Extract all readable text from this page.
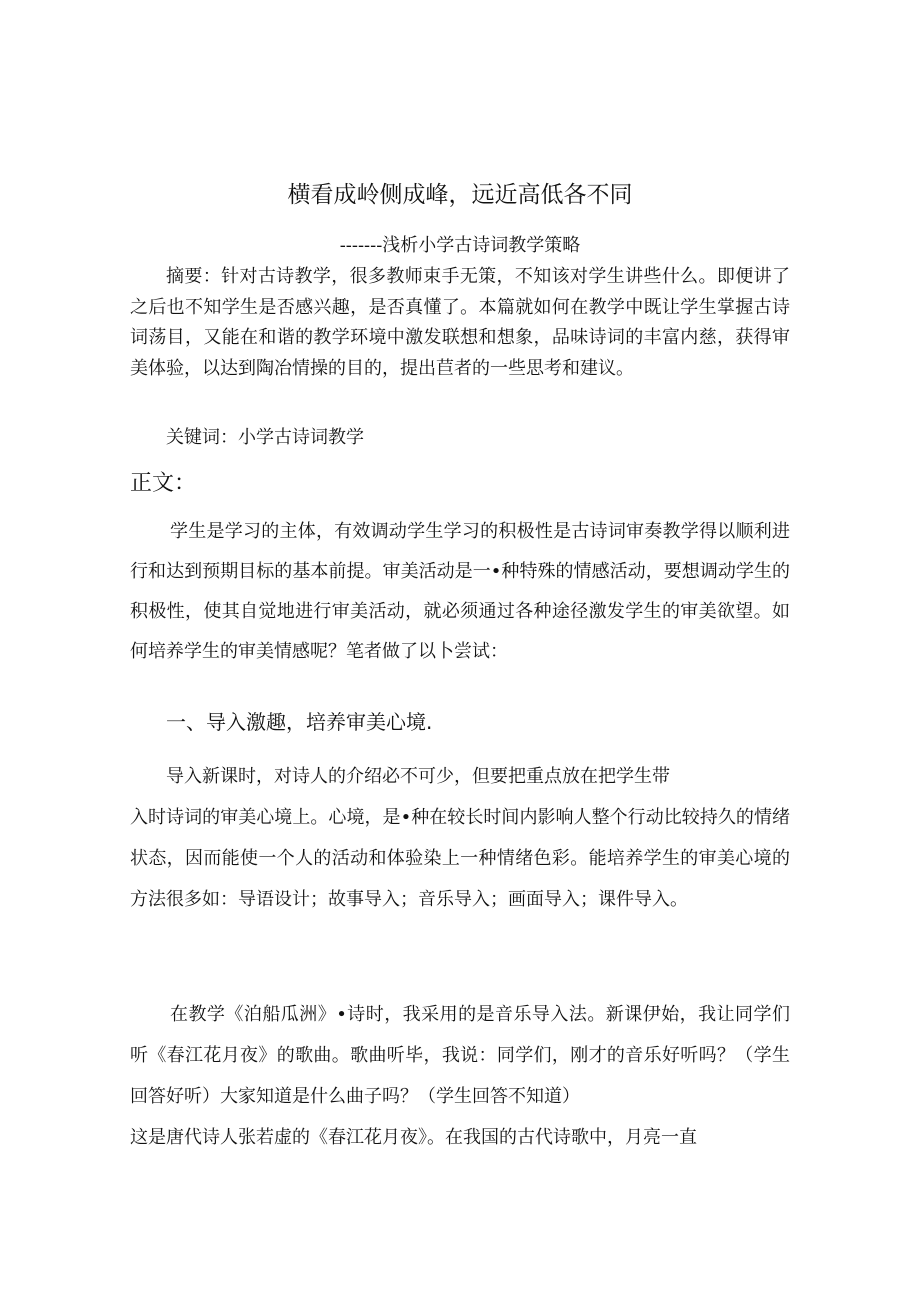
横看成岭侧成峰，远近高低各不同

-------浅析小学古诗词教学策略

摘要：针对古诗教学，很多教师束手无策，不知该对学生讲些什么。即便讲了之后也不知学生是否感兴趣，是否真懂了。本篇就如何在教学中既让学生掌握古诗词荡目，又能在和谐的教学环境中激发联想和想象，品味诗词的丰富内慈，获得审美体验，以达到陶冶情操的目的，提出苣者的一些思考和建议。

关键词：小学古诗词教学

正文：

学生是学习的主体，有效调动学生学习的积极性是古诗词审奏教学得以顺利进行和达到预期目标的基本前提。审美活动是一•种特殊的情感活动，要想调动学生的积极性，使其自觉地进行审美活动，就必须通过各种途径激发学生的审美欲望。如何培养学生的审美情感呢？笔者做了以卜尝试：

一、导入激趣，培养审美心境.

导入新课时，对诗人的介绍必不可少，但要把重点放在把学生带
入时诗词的审美心境上。心境，是•种在较长时间内影响人整个行动比较持久的情绪状态，因而能使一个人的活动和体验染上一种情绪色彩。能培养学生的审美心境的方法很多如：导语设计；故事导入；音乐导入；画面导入；课件导入。

在教学《泊船瓜洲》•诗时，我采用的是音乐导入法。新课伊始，我让同学们听《春江花月夜》的歌曲。歌曲听毕，我说：同学们，刚才的音乐好听吗？（学生回答好听）大家知道是什么曲子吗？（学生回答不知道）
这是唐代诗人张若虚的《春江花月夜》。在我国的古代诗歌中，月亮一直
